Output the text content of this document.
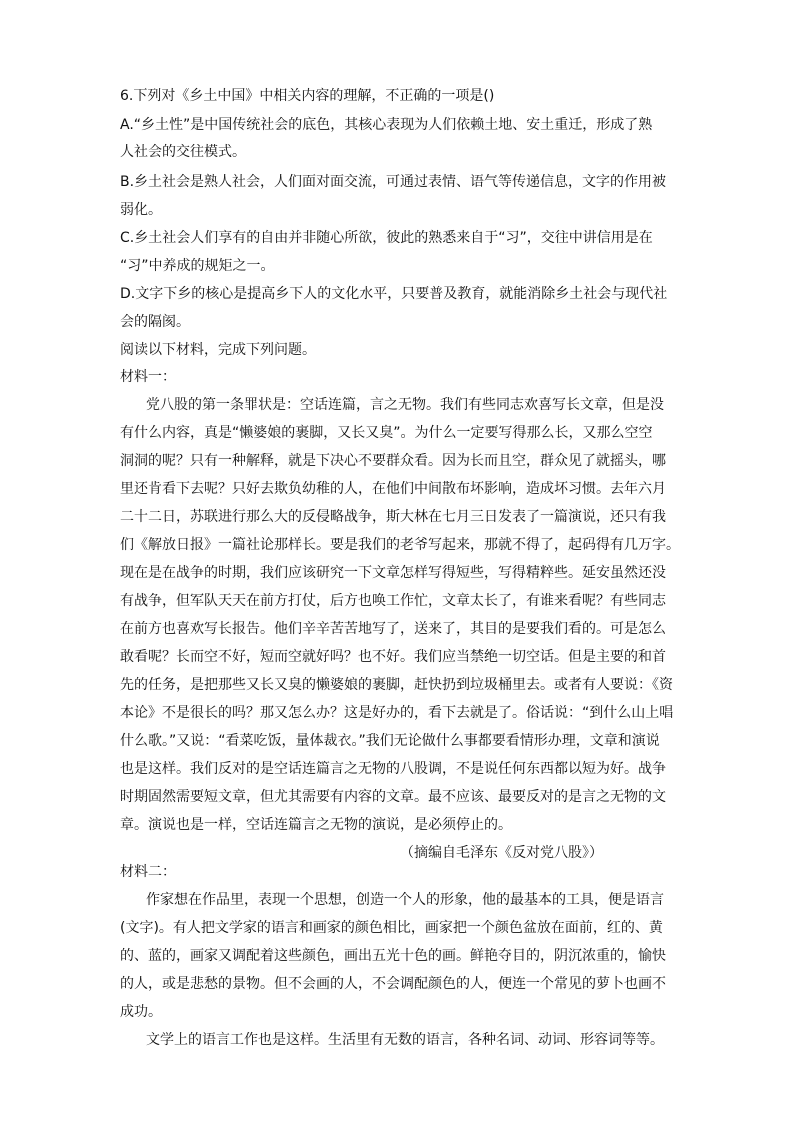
6.下列对《乡土中国》中相关内容的理解，不正确的一项是()
A.“乡土性”是中国传统社会的底色，其核心表现为人们依赖土地、安土重迁，形成了熟
人社会的交往模式。
B.乡土社会是熟人社会，人们面对面交流，可通过表情、语气等传递信息，文字的作用被
弱化。
C.乡土社会人们享有的自由并非随心所欲，彼此的熟悉来自于“习”，交往中讲信用是在
“习”中养成的规矩之一。
D.文字下乡的核心是提高乡下人的文化水平，只要普及教育，就能消除乡土社会与现代社
会的隔阂。
阅读以下材料，完成下列问题。
材料一：
党八股的第一条罪状是：空话连篇，言之无物。我们有些同志欢喜写长文章，但是没
有什么内容，真是“懒婆娘的裹脚，又长又臭”。为什么一定要写得那么长，又那么空空
洞洞的呢？只有一种解释，就是下决心不要群众看。因为长而且空，群众见了就摇头，哪
里还肯看下去呢？只好去欺负幼稚的人，在他们中间散布坏影响，造成坏习惯。去年六月
二十二日，苏联进行那么大的反侵略战争，斯大林在七月三日发表了一篇演说，还只有我
们《解放日报》一篇社论那样长。要是我们的老爷写起来，那就不得了，起码得有几万字。
现在是在战争的时期，我们应该研究一下文章怎样写得短些，写得精粹些。延安虽然还没
有战争，但军队天天在前方打仗，后方也唤工作忙，文章太长了，有谁来看呢？有些同志
在前方也喜欢写长报告。他们辛辛苦苦地写了，送来了，其目的是要我们看的。可是怎么
敢看呢？长而空不好，短而空就好吗？也不好。我们应当禁绝一切空话。但是主要的和首
先的任务，是把那些又长又臭的懒婆娘的裹脚，赶快扔到垃圾桶里去。或者有人要说：《资
本论》不是很长的吗？那又怎么办？这是好办的，看下去就是了。俗话说：“到什么山上唱
什么歌。”又说：“看菜吃饭，量体裁衣。”我们无论做什么事都要看情形办理，文章和演说
也是这样。我们反对的是空话连篇言之无物的八股调，不是说任何东西都以短为好。战争
时期固然需要短文章，但尤其需要有内容的文章。最不应该、最要反对的是言之无物的文
章。演说也是一样，空话连篇言之无物的演说，是必须停止的。
（摘编自毛泽东《反对党八股》）
材料二：
作家想在作品里，表现一个思想，创造一个人的形象，他的最基本的工具，便是语言
(文字)。有人把文学家的语言和画家的颜色相比，画家把一个颜色盆放在面前，红的、黄
的、蓝的，画家又调配着这些颜色，画出五光十色的画。鲜艳夺目的，阴沉浓重的，愉快
的人，或是悲愁的景物。但不会画的人，不会调配颜色的人，便连一个常见的萝卜也画不
成功。
文学上的语言工作也是这样。生活里有无数的语言，各种名词、动词、形容词等等。
